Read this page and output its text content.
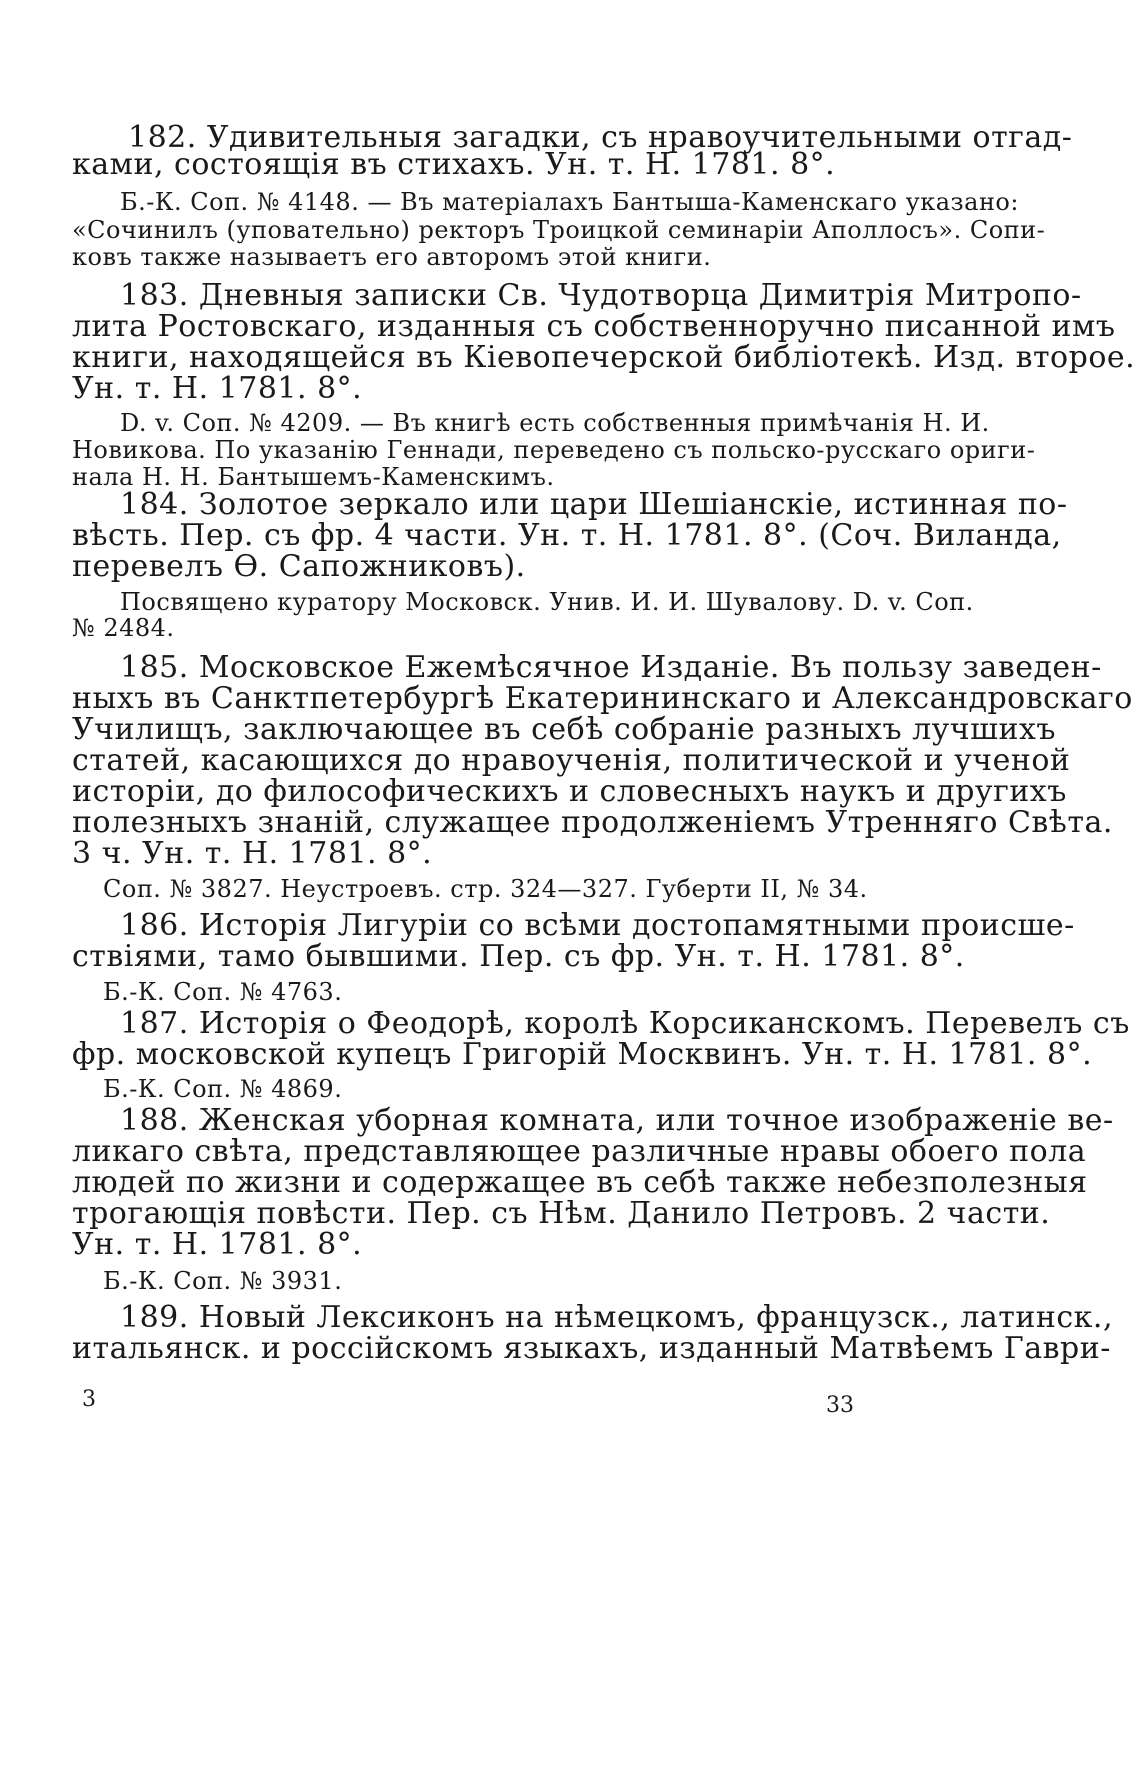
182. Удивительныя загадки, съ нравоучительными отгад-

ками, состоящія въ стихахъ. Ун. т. Н. 1781. 8°.

Б.-К. Соп. № 4148. — Въ матеріалахъ Бантыша-Каменскаго указано:

«Сочинилъ (уповательно) ректоръ Троицкой семинаріи Аполлосъ». Сопи-

ковъ также называетъ его авторомъ этой книги.

183. Дневныя записки Св. Чудотворца Димитрія Митропо-

лита Ростовскаго, изданныя съ собственноручно писанной имъ

книги, находящейся въ Кіевопечерской библіотекѣ. Изд. второе.

Ун. т. Н. 1781. 8°.

D. v. Соп. № 4209. — Въ книгѣ есть собственныя примѣчанія Н. И.

Новикова. По указанію Геннади, переведено съ польско-русскаго ориги-

нала Н. Н. Бантышемъ-Каменскимъ.

184. Золотое зеркало или цари Шешіанскіе, истинная по-

вѣсть. Пер. съ фр. 4 части. Ун. т. Н. 1781. 8°. (Соч. Виланда,

перевелъ Ѳ. Сапожниковъ).

Посвящено куратору Московск. Унив. И. И. Шувалову. D. v. Соп.

№ 2484.

185. Московское Ежемѣсячное Изданіе. Въ пользу заведен-

ныхъ въ Санктпетербургѣ Екатерининскаго и Александровскаго

Училищъ, заключающее въ себѣ собраніе разныхъ лучшихъ

статей, касающихся до нравоученія, политической и ученой

исторіи, до философическихъ и словесныхъ наукъ и другихъ

полезныхъ знаній, служащее продолженіемъ Утренняго Свѣта.

3 ч. Ун. т. Н. 1781. 8°.

Соп. № 3827. Неустроевъ. стр. 324—327. Губерти II, № 34.

186. Исторія Лигуріи со всѣми достопамятными происше-

ствіями, тамо бывшими. Пер. съ фр. Ун. т. Н. 1781. 8°.

Б.-К. Соп. № 4763.

187. Исторія о Феодорѣ, королѣ Корсиканскомъ. Перевелъ съ

фр. московской купецъ Григорій Москвинъ. Ун. т. Н. 1781. 8°.

Б.-К. Соп. № 4869.

188. Женская уборная комната, или точное изображеніе ве-

ликаго свѣта, представляющее различные нравы обоего пола

людей по жизни и содержащее въ себѣ также небезполезныя

трогающія повѣсти. Пер. съ Нѣм. Данило Петровъ. 2 части.

Ун. т. Н. 1781. 8°.

Б.-К. Соп. № 3931.

189. Новый Лексиконъ на нѣмецкомъ, французск., латинск.,

итальянск. и россійскомъ языкахъ, изданный Матвѣемъ Гаври-

3	33
